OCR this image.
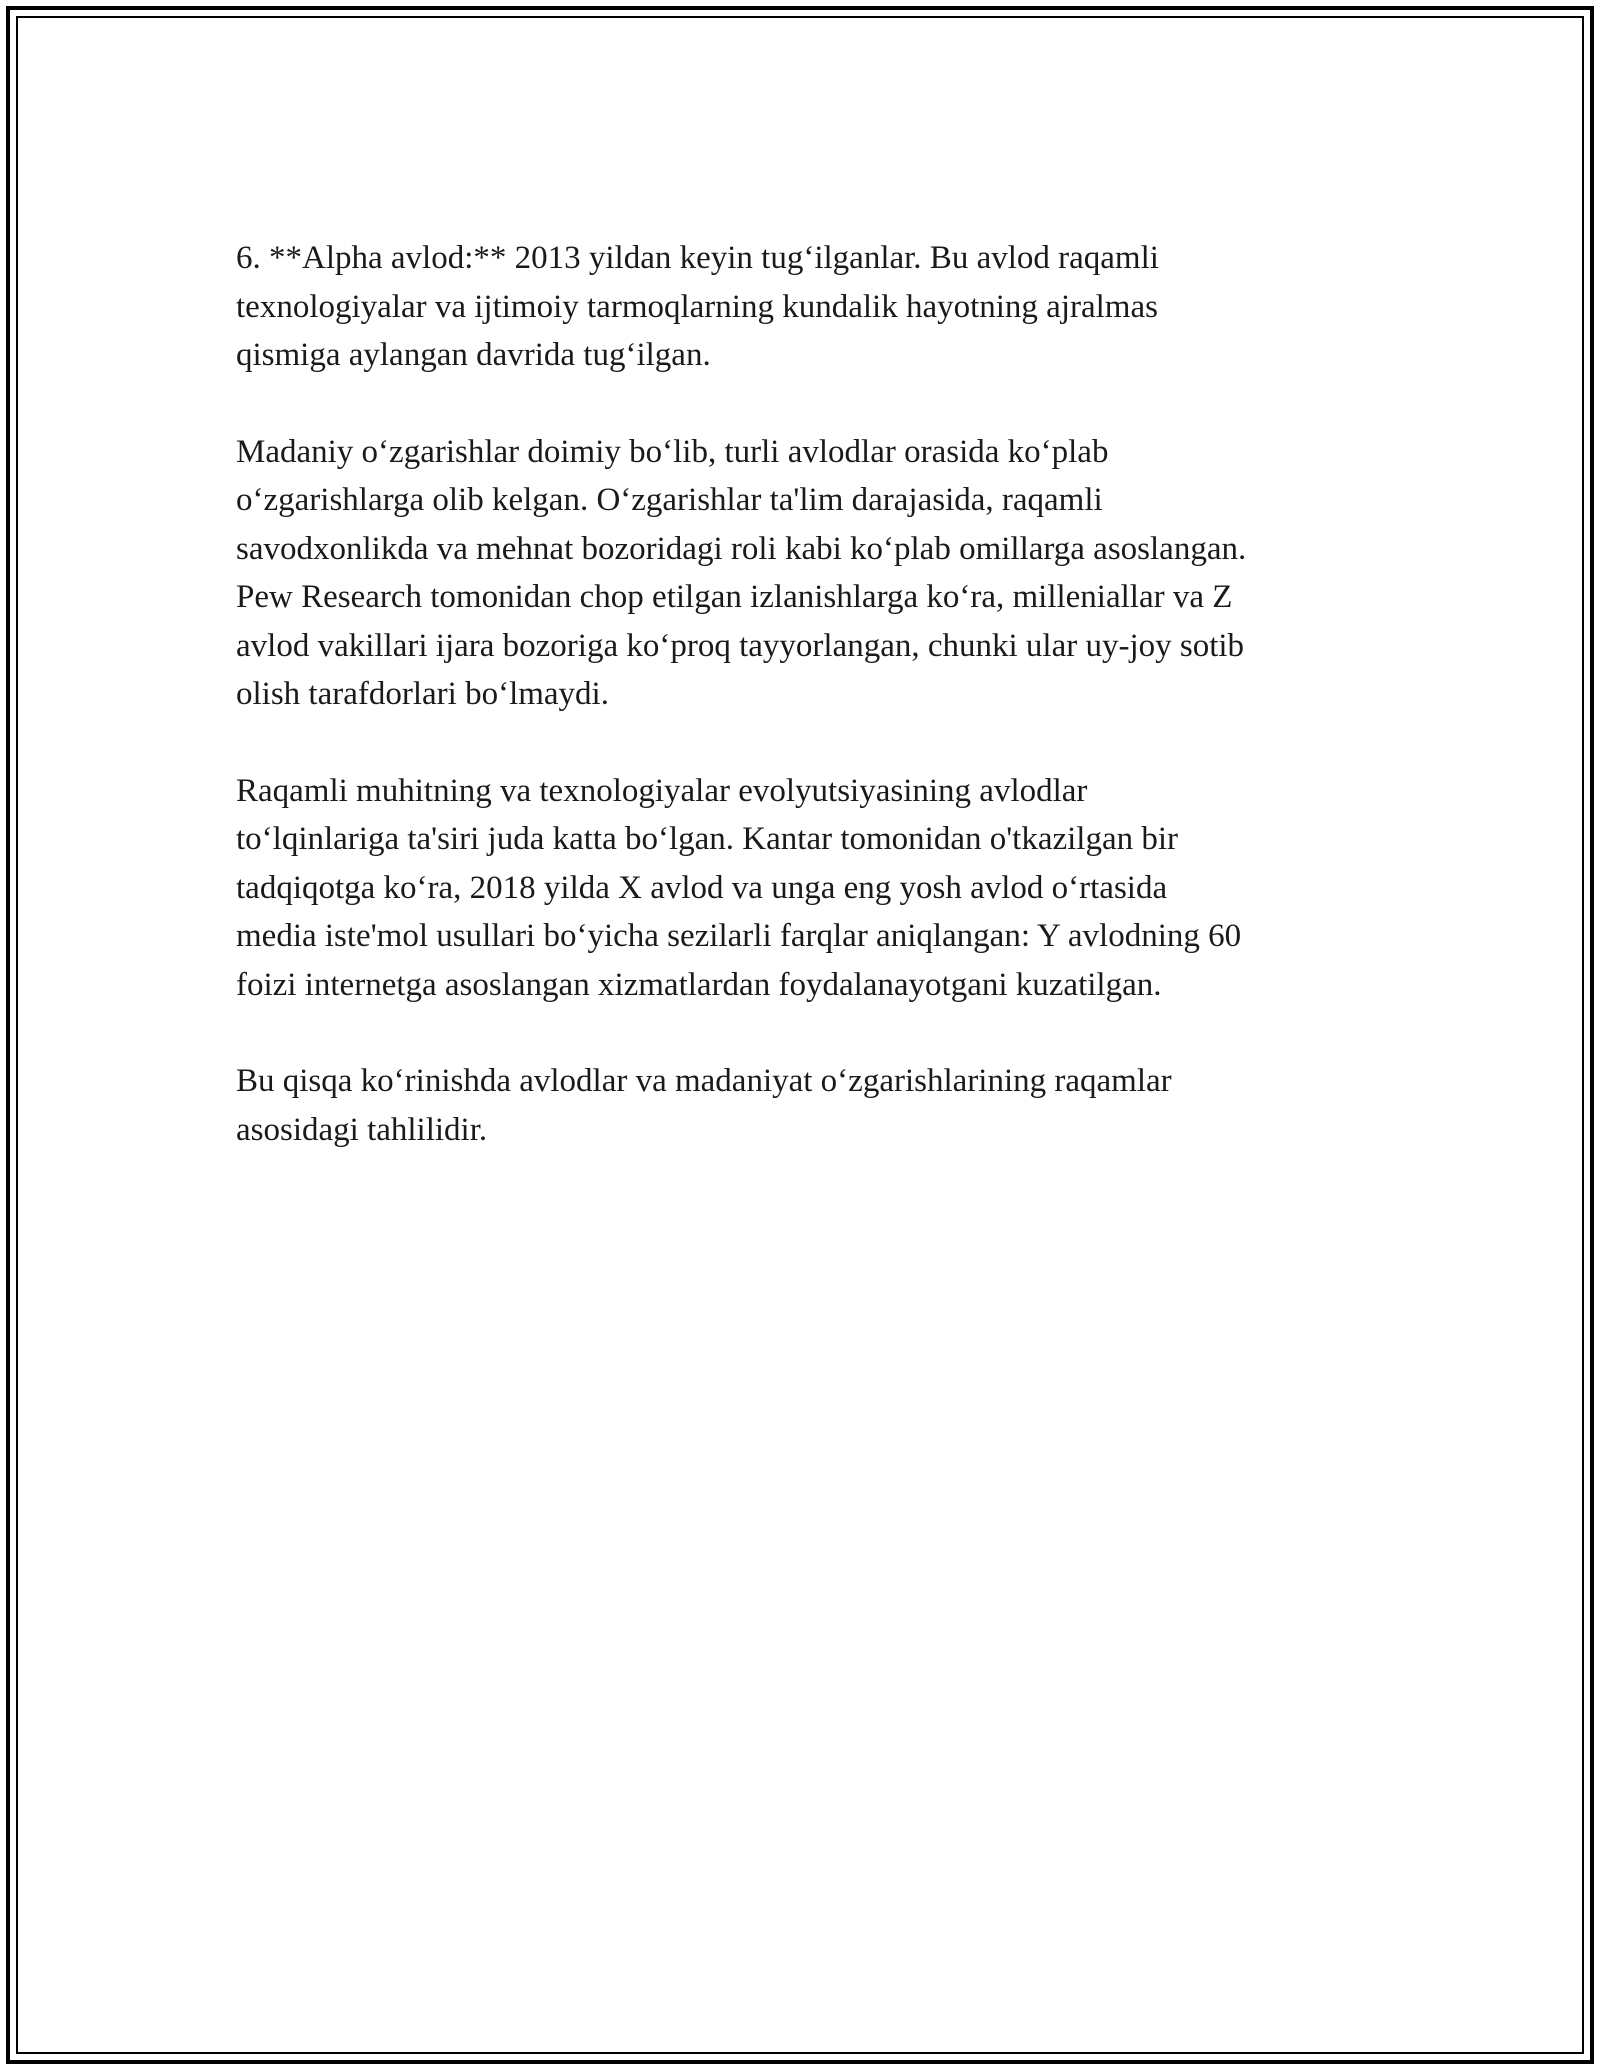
6. **Alpha avlod:** 2013 yildan keyin tug‘ilganlar. Bu avlod raqamli
texnologiyalar va ijtimoiy tarmoqlarning kundalik hayotning ajralmas
qismiga aylangan davrida tug‘ilgan.

Madaniy o‘zgarishlar doimiy bo‘lib, turli avlodlar orasida ko‘plab
o‘zgarishlarga olib kelgan. O‘zgarishlar ta'lim darajasida, raqamli
savodxonlikda va mehnat bozoridagi roli kabi ko‘plab omillarga asoslangan.
Pew Research tomonidan chop etilgan izlanishlarga ko‘ra, milleniallar va Z
avlod vakillari ijara bozoriga ko‘proq tayyorlangan, chunki ular uy-joy sotib
olish tarafdorlari bo‘lmaydi.

Raqamli muhitning va texnologiyalar evolyutsiyasining avlodlar
to‘lqinlariga ta'siri juda katta bo‘lgan. Kantar tomonidan o'tkazilgan bir
tadqiqotga ko‘ra, 2018 yilda X avlod va unga eng yosh avlod o‘rtasida
media iste'mol usullari bo‘yicha sezilarli farqlar aniqlangan: Y avlodning 60
foizi internetga asoslangan xizmatlardan foydalanayotgani kuzatilgan.

Bu qisqa ko‘rinishda avlodlar va madaniyat o‘zgarishlarining raqamlar
asosidagi tahlilidir.
